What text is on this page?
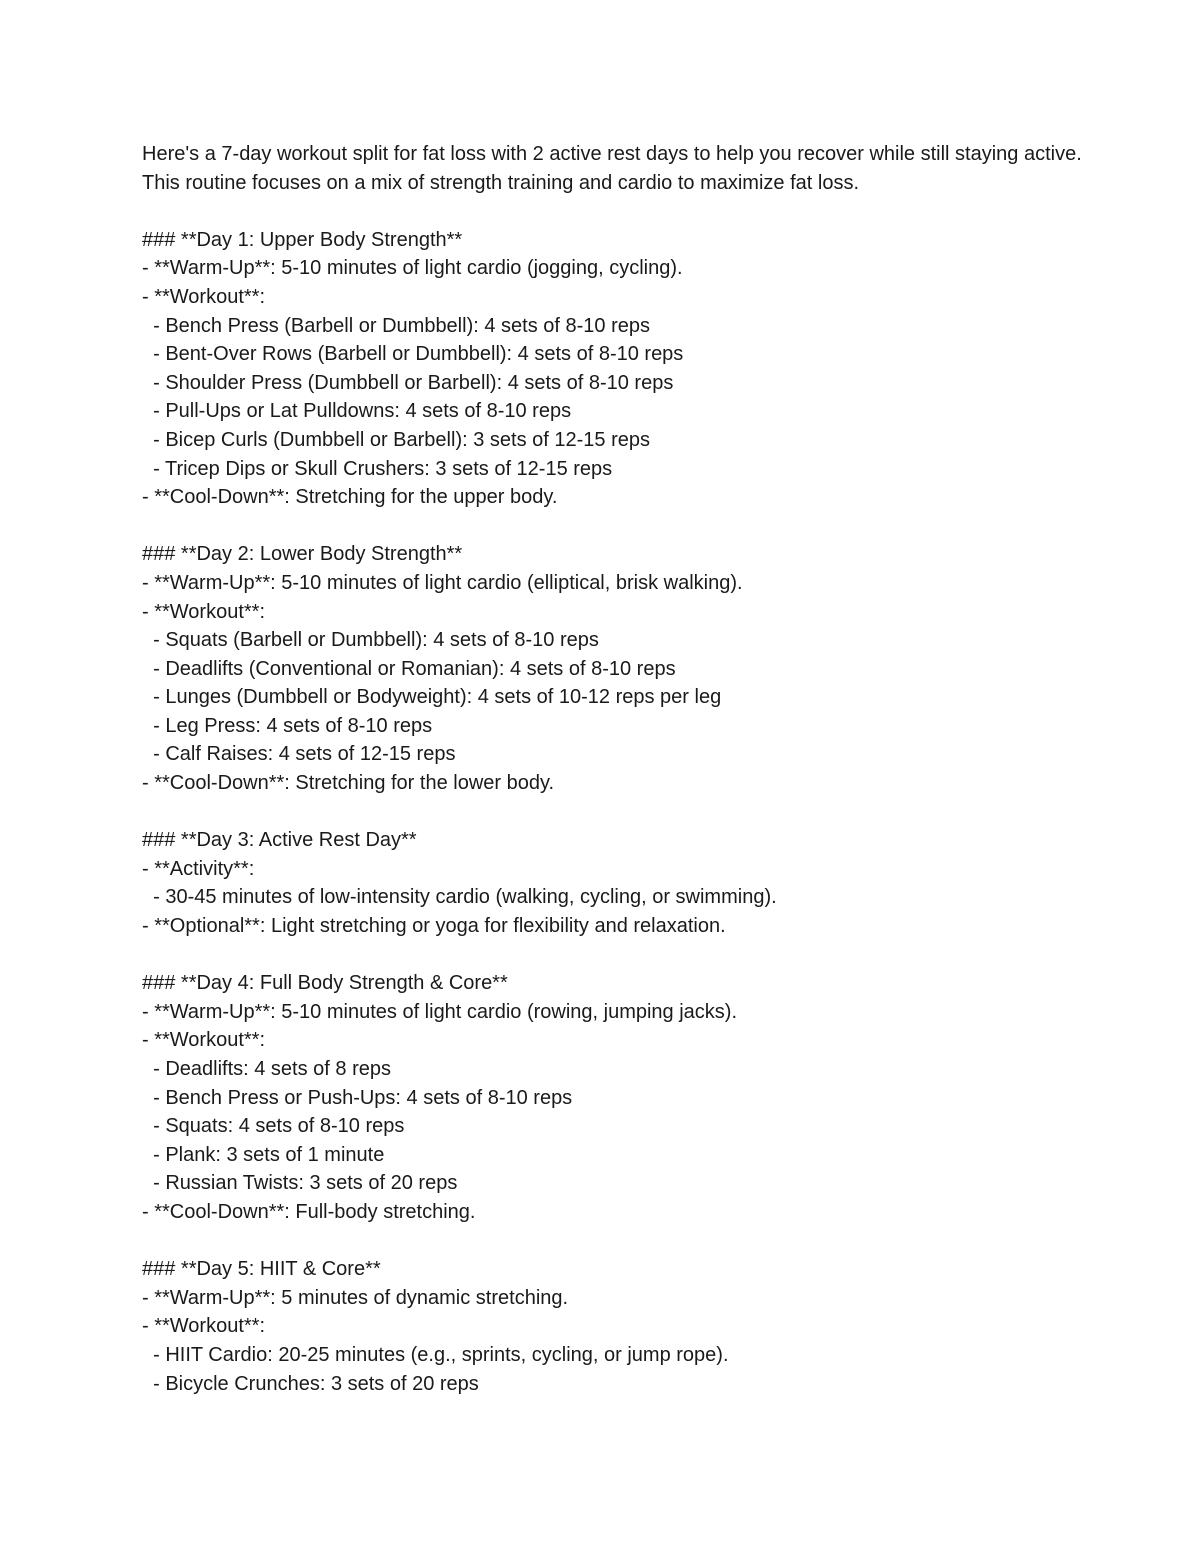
Here's a 7-day workout split for fat loss with 2 active rest days to help you recover while still staying active. This routine focuses on a mix of strength training and cardio to maximize fat loss.

### **Day 1: Upper Body Strength**

- **Warm-Up**: 5-10 minutes of light cardio (jogging, cycling).

- **Workout**:

- Bench Press (Barbell or Dumbbell): 4 sets of 8-10 reps

- Bent-Over Rows (Barbell or Dumbbell): 4 sets of 8-10 reps

- Shoulder Press (Dumbbell or Barbell): 4 sets of 8-10 reps

- Pull-Ups or Lat Pulldowns: 4 sets of 8-10 reps

- Bicep Curls (Dumbbell or Barbell): 3 sets of 12-15 reps

- Tricep Dips or Skull Crushers: 3 sets of 12-15 reps

- **Cool-Down**: Stretching for the upper body.

### **Day 2: Lower Body Strength**

- **Warm-Up**: 5-10 minutes of light cardio (elliptical, brisk walking).

- **Workout**:

- Squats (Barbell or Dumbbell): 4 sets of 8-10 reps

- Deadlifts (Conventional or Romanian): 4 sets of 8-10 reps

- Lunges (Dumbbell or Bodyweight): 4 sets of 10-12 reps per leg

- Leg Press: 4 sets of 8-10 reps

- Calf Raises: 4 sets of 12-15 reps

- **Cool-Down**: Stretching for the lower body.

### **Day 3: Active Rest Day**

- **Activity**:

- 30-45 minutes of low-intensity cardio (walking, cycling, or swimming).

- **Optional**: Light stretching or yoga for flexibility and relaxation.

### **Day 4: Full Body Strength & Core**

- **Warm-Up**: 5-10 minutes of light cardio (rowing, jumping jacks).

- **Workout**:

- Deadlifts: 4 sets of 8 reps

- Bench Press or Push-Ups: 4 sets of 8-10 reps

- Squats: 4 sets of 8-10 reps

- Plank: 3 sets of 1 minute

- Russian Twists: 3 sets of 20 reps

- **Cool-Down**: Full-body stretching.

### **Day 5: HIIT & Core**

- **Warm-Up**: 5 minutes of dynamic stretching.

- **Workout**:

- HIIT Cardio: 20-25 minutes (e.g., sprints, cycling, or jump rope).

- Bicycle Crunches: 3 sets of 20 reps
